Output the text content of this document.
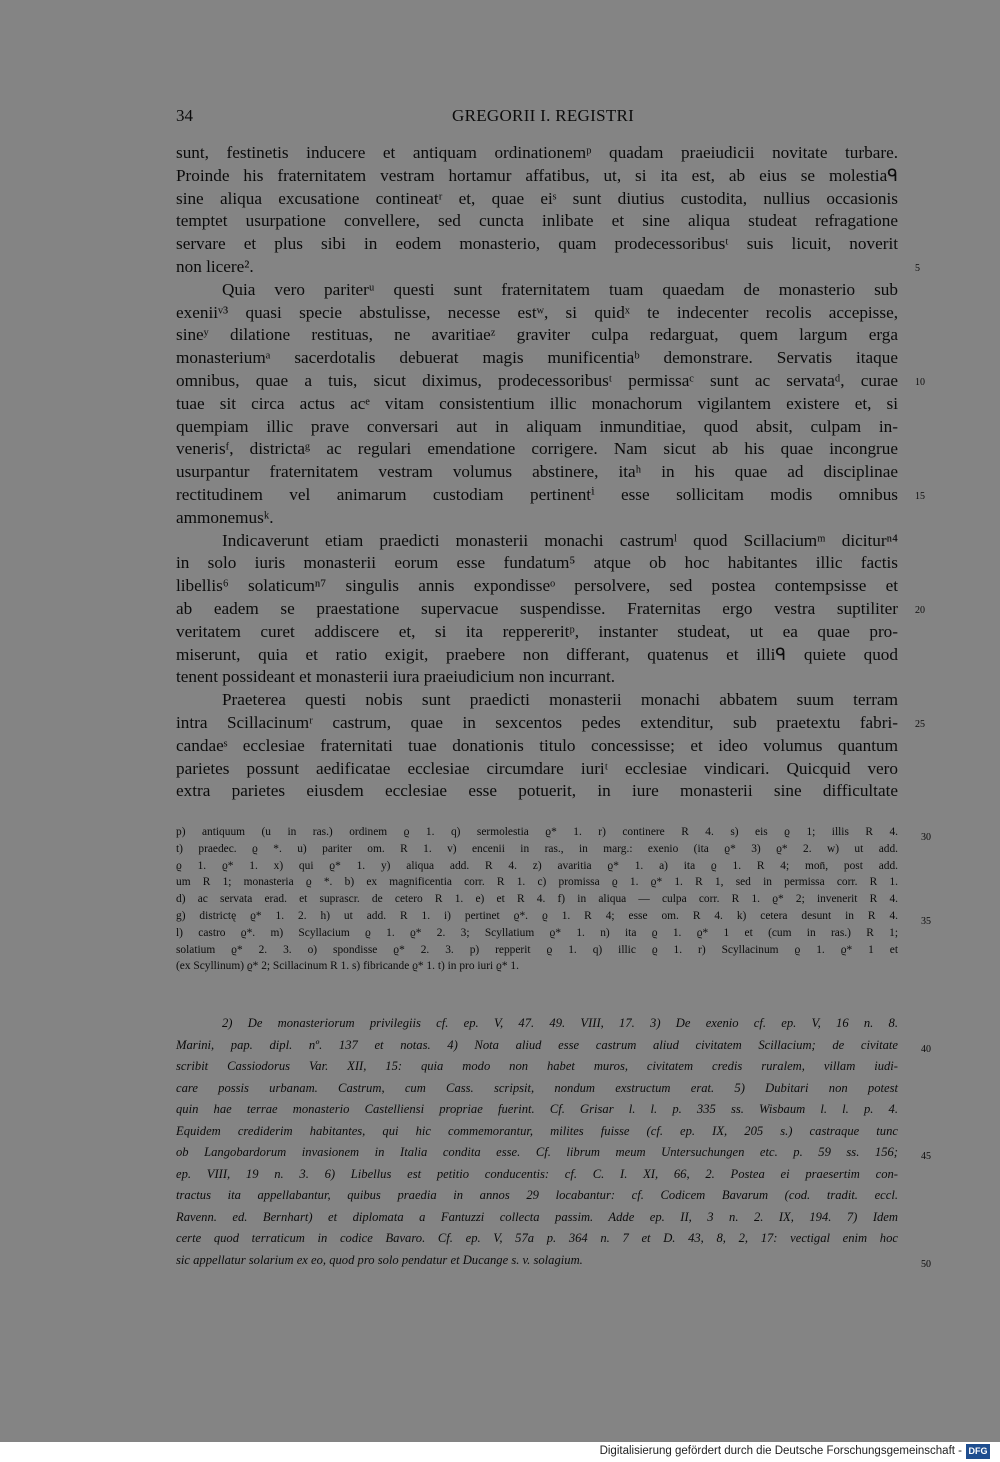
34	GREGORII I. REGISTRI
sunt, festinetis inducere et antiquam ordinationemᵖ quadam praeiudicii novitate turbare.
Proinde his fraternitatem vestram hortamur affatibus, ut, si ita est, ab eius se molestiaᑫ
sine aliqua excusatione contineatʳ et, quae eiˢ sunt diutius custodita, nullius occasionis
temptet usurpatione convellere, sed cuncta inlibate et sine aliqua studeat refragatione
servare et plus sibi in eodem monasterio, quam prodecessoribusᵗ suis licuit, noverit
non licere².
Quia vero pariterᵘ questi sunt fraternitatem tuam quaedam de monasterio sub
exeniiᵛ³ quasi specie abstulisse, necesse estʷ, si quidˣ te indecenter recolis accepisse,
sineʸ dilatione restituas, ne avaritiaeᶻ graviter culpa redarguat, quem largum erga
monasteriumᵃ sacerdotalis debuerat magis munificentiaᵇ demonstrare. Servatis itaque
omnibus, quae a tuis, sicut diximus, prodecessoribusᵗ permissaᶜ sunt ac servataᵈ, curae
tuae sit circa actus acᵉ vitam consistentium illic monachorum vigilantem existere et, si
quempiam illic prave conversari aut in aliquam inmunditiae, quod absit, culpam in-
venerisᶠ, districtaᵍ ac regulari emendatione corrigere. Nam sicut ab his quae incongrue
usurpantur fraternitatem vestram volumus abstinere, itaʰ in his quae ad disciplinae
rectitudinem vel animarum custodiam pertinentⁱ esse sollicitam modis omnibus
ammonemusᵏ.
Indicaverunt etiam praedicti monasterii monachi castrumˡ quod Scillaciumᵐ diciturⁿ⁴
in solo iuris monasterii eorum esse fundatum⁵ atque ob hoc habitantes illic factis
libellis⁶ solaticumⁿ⁷ singulis annis expondisseᵒ persolvere, sed postea contempsisse et
ab eadem se praestatione supervacue suspendisse. Fraternitas ergo vestra suptiliter
veritatem curet addiscere et, si ita reppereritᵖ, instanter studeat, ut ea quae pro-
miserunt, quia et ratio exigit, praebere non differant, quatenus et illiᑫ quiete quod
tenent possideant et monasterii iura praeiudicium non incurrant.
Praeterea questi nobis sunt praedicti monasterii monachi abbatem suum terram
intra Scillacinumʳ castrum, quae in sexcentos pedes extenditur, sub praetextu fabri-
candaeˢ ecclesiae fraternitati tuae donationis titulo concessisse; et ideo volumus quantum
parietes possunt aedificatae ecclesiae circumdare iuriᵗ ecclesiae vindicari. Quicquid vero
extra parietes eiusdem ecclesiae esse potuerit, in iure monasterii sine difficultate
5
10
15
20
25
p) antiquum (u in ras.) ordinem ϱ 1. q) sermolestia ϱ* 1. r) continere R 4. s) eis ϱ 1; illis R 4.
t) praedec. ϱ *. u) pariter om. R 1. v) encenii in ras., in marg.: exenio (ita ϱ* 3) ϱ* 2. w) ut add.
ϱ 1. ϱ* 1. x) qui ϱ* 1. y) aliqua add. R 4. z) avaritia ϱ* 1. a) ita ϱ 1. R 4; mon̄, post add.
um R 1; monasteria ϱ *. b) ex magnificentia corr. R 1. c) promissa ϱ 1. ϱ* 1. R 1, sed in permissa corr. R 1.
d) ac servata erad. et suprascr. de cetero R 1. e) et R 4. f) in aliqua — culpa corr. R 1. ϱ* 2; invenerit R 4.
g) districtę ϱ* 1. 2. h) ut add. R 1. i) pertinet ϱ*. ϱ 1. R 4; esse om. R 4. k) cetera desunt in R 4.
l) castro ϱ*. m) Scyllacium ϱ 1. ϱ* 2. 3; Scyllatium ϱ* 1. n) ita ϱ 1. ϱ* 1 et (cum in ras.) R 1;
solatium ϱ* 2. 3. o) spondisse ϱ* 2. 3. p) repperit ϱ 1. q) illic ϱ 1. r) Scyllacinum ϱ 1. ϱ* 1 et
(ex Scyllinum) ϱ* 2; Scillacinum R 1. s) fibricande ϱ* 1. t) in pro iuri ϱ* 1.
30
35
2) De monasteriorum privilegiis cf. ep. V, 47. 49. VIII, 17. 3) De exenio cf. ep. V, 16 n. 8.
Marini, pap. dipl. nº. 137 et notas. 4) Nota aliud esse castrum aliud civitatem Scillacium; de civitate
scribit Cassiodorus Var. XII, 15: quia modo non habet muros, civitatem credis ruralem, villam iudi-
care possis urbanam. Castrum, cum Cass. scripsit, nondum exstructum erat. 5) Dubitari non potest
quin hae terrae monasterio Castelliensi propriae fuerint. Cf. Grisar l. l. p. 335 ss. Wisbaum l. l. p. 4.
Equidem crediderim habitantes, qui hic commemorantur, milites fuisse (cf. ep. IX, 205 s.) castraque tunc
ob Langobardorum invasionem in Italia condita esse. Cf. librum meum Untersuchungen etc. p. 59 ss. 156;
ep. VIII, 19 n. 3. 6) Libellus est petitio conducentis: cf. C. I. XI, 66, 2. Postea ei praesertim con-
tractus ita appellabantur, quibus praedia in annos 29 locabantur: cf. Codicem Bavarum (cod. tradit. eccl.
Ravenn. ed. Bernhart) et diplomata a Fantuzzi collecta passim. Adde ep. II, 3 n. 2. IX, 194. 7) Idem
certe quod terraticum in codice Bavaro. Cf. ep. V, 57a p. 364 n. 7 et D. 43, 8, 2, 17: vectigal enim hoc
sic appellatur solarium ex eo, quod pro solo pendatur et Ducange s. v. solagium.
40
45
50
Digitalisierung gefördert durch die Deutsche Forschungsgemeinschaft - DFG
